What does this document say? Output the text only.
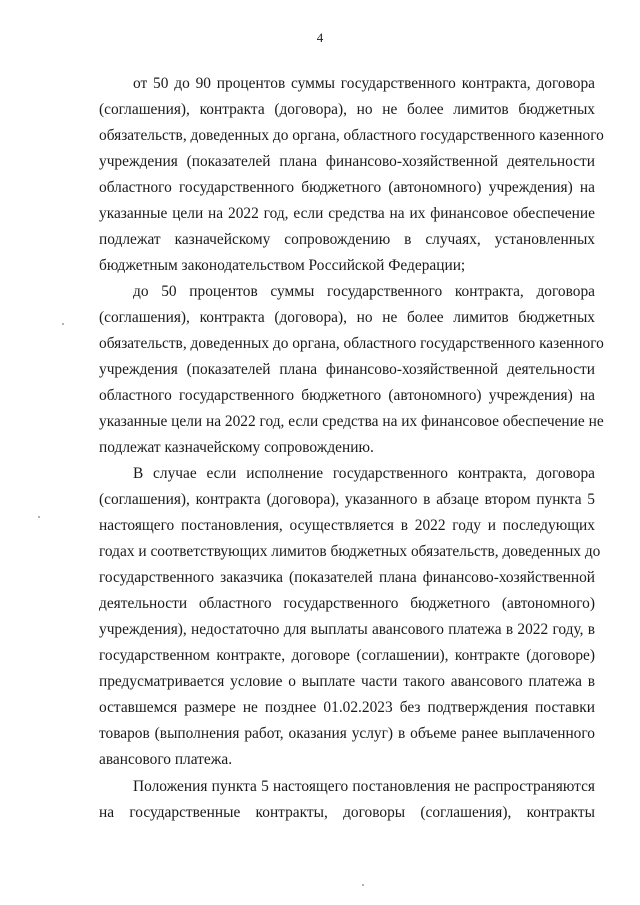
4
от 50 до 90 процентов суммы государственного контракта, договора
(соглашения), контракта (договора), но не более лимитов бюджетных
обязательств, доведенных до органа, областного государственного казенного
учреждения (показателей плана финансово-хозяйственной деятельности
областного государственного бюджетного (автономного) учреждения) на
указанные цели на 2022 год, если средства на их финансовое обеспечение
подлежат казначейскому сопровождению в случаях, установленных
бюджетным законодательством Российской Федерации;
до 50 процентов суммы государственного контракта, договора
(соглашения), контракта (договора), но не более лимитов бюджетных
обязательств, доведенных до органа, областного государственного казенного
учреждения (показателей плана финансово-хозяйственной деятельности
областного государственного бюджетного (автономного) учреждения) на
указанные цели на 2022 год, если средства на их финансовое обеспечение не
подлежат казначейскому сопровождению.
В случае если исполнение государственного контракта, договора
(соглашения), контракта (договора), указанного в абзаце втором пункта 5
настоящего постановления, осуществляется в 2022 году и последующих
годах и соответствующих лимитов бюджетных обязательств, доведенных до
государственного заказчика (показателей плана финансово-хозяйственной
деятельности областного государственного бюджетного (автономного)
учреждения), недостаточно для выплаты авансового платежа в 2022 году, в
государственном контракте, договоре (соглашении), контракте (договоре)
предусматривается условие о выплате части такого авансового платежа в
оставшемся размере не позднее 01.02.2023 без подтверждения поставки
товаров (выполнения работ, оказания услуг) в объеме ранее выплаченного
авансового платежа.
Положения пункта 5 настоящего постановления не распространяются
на государственные контракты, договоры (соглашения), контракты
